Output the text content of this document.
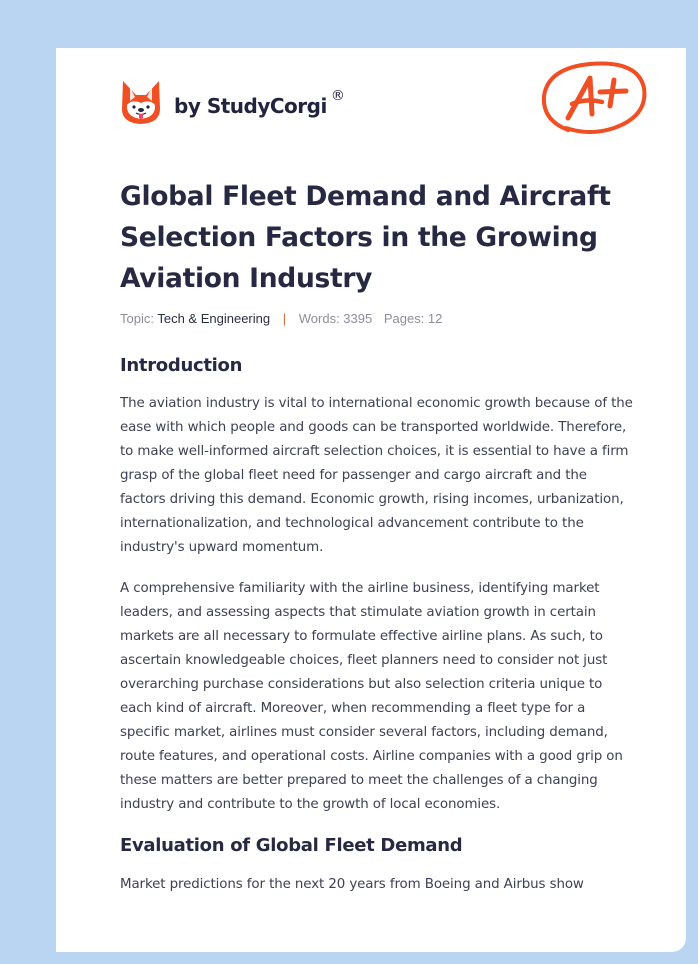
by StudyCorgi ®
Global Fleet Demand and Aircraft Selection Factors in the Growing Aviation Industry
Topic: Tech & Engineering | Words: 3395 Pages: 12
Introduction

The aviation industry is vital to international economic growth because of the ease with which people and goods can be transported worldwide. Therefore, to make well-informed aircraft selection choices, it is essential to have a firm grasp of the global fleet need for passenger and cargo aircraft and the factors driving this demand. Economic growth, rising incomes, urbanization, internationalization, and technological advancement contribute to the industry's upward momentum.

A comprehensive familiarity with the airline business, identifying market leaders, and assessing aspects that stimulate aviation growth in certain markets are all necessary to formulate effective airline plans. As such, to ascertain knowledgeable choices, fleet planners need to consider not just overarching purchase considerations but also selection criteria unique to each kind of aircraft. Moreover, when recommending a fleet type for a specific market, airlines must consider several factors, including demand, route features, and operational costs. Airline companies with a good grip on these matters are better prepared to meet the challenges of a changing industry and contribute to the growth of local economies.

Evaluation of Global Fleet Demand

Market predictions for the next 20 years from Boeing and Airbus show
